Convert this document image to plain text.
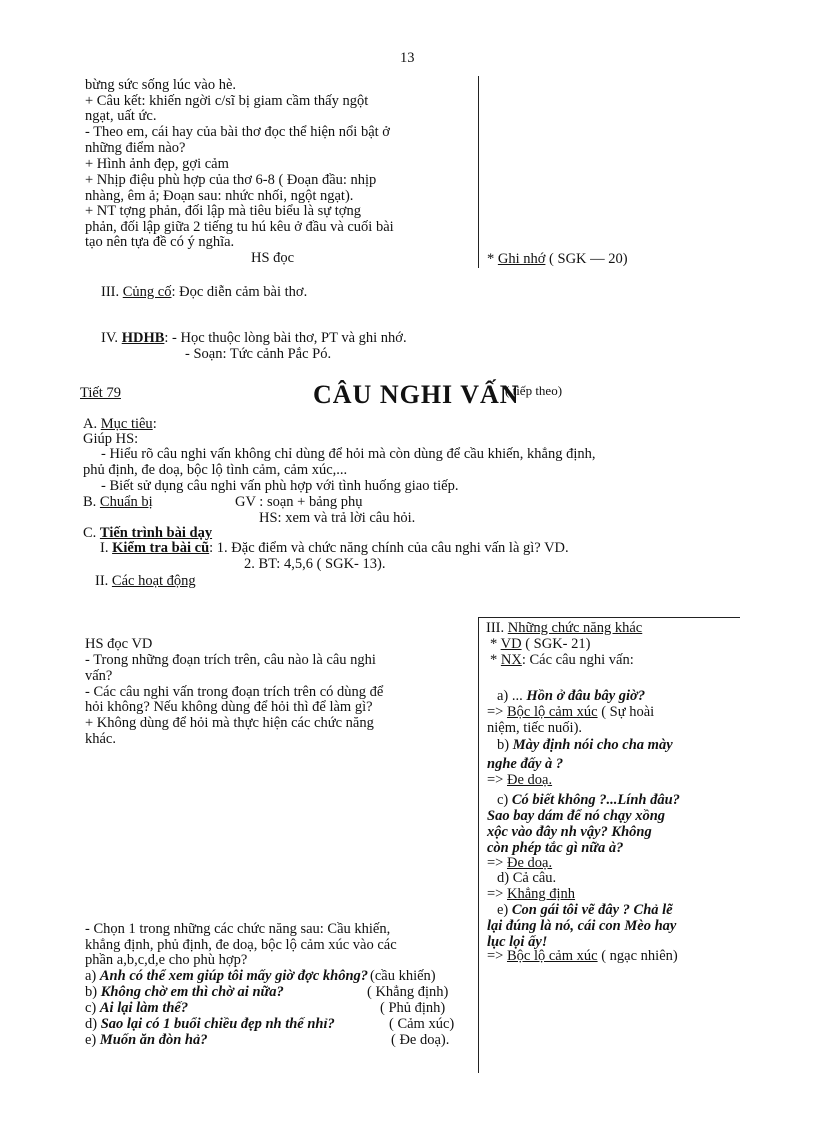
13
bừng sức sống lúc vào hè.
+ Câu kết: khiến ngời c/sĩ bị giam cầm thấy ngột
ngạt, uất ức.
- Theo em, cái hay của bài thơ đọc thể hiện nổi bật ở
những điểm nào?
+ Hình ảnh đẹp, gợi cảm
+ Nhịp điệu phù hợp của thơ 6-8 ( Đoạn đầu: nhịp
nhàng, êm ả; Đoạn sau: nhức nhối, ngột ngạt).
+ NT tợng phản, đối lập mà tiêu biểu là sự tợng
phản, đối lập giữa 2 tiếng tu hú kêu ở đầu và cuối bài
tạo nên tựa đề có ý nghĩa.
HS đọc	* Ghi nhớ ( SGK — 20)
III. Củng cố: Đọc diễn cảm bài thơ.
IV. HDHB: - Học thuộc lòng bài thơ, PT và ghi nhớ.
- Soạn: Tức cảnh Pắc Pó.
Tiết 79	CÂU NGHI VẤN
( tiếp theo)
A. Mục tiêu:
Giúp HS:
- Hiểu rõ câu nghi vấn không chỉ dùng để hỏi mà còn dùng để cầu khiến, khẳng định,
phủ định, đe doạ, bộc lộ tình cảm, cảm xúc,...
- Biết sử dụng câu nghi vấn phù hợp với tình huống giao tiếp.
B. Chuẩn bị	GV : soạn + bảng phụ
HS: xem và trả lời câu hỏi.
C. Tiến trình bài dạy
I. Kiểm tra bài cũ: 1. Đặc điểm và chức năng chính của câu nghi vấn là gì? VD.
2. BT: 4,5,6 ( SGK- 13).
II. Các hoạt động
HS đọc VD
- Trong những đoạn trích trên, câu nào là câu nghi
vấn?
- Các câu nghi vấn trong đoạn trích trên có dùng để
hỏi không? Nếu không dùng để hỏi thì để làm gì?
+ Không dùng để hỏi mà thực hiện các chức năng
khác.
- Chọn 1 trong những các chức năng sau: Cầu khiến,
khẳng định, phủ định, đe doạ, bộc lộ cảm xúc vào các
phần a,b,c,d,e cho phù hợp?
a) Anh có thể xem giúp tôi mấy giờ đợc không? (cầu khiến)
b) Không chờ em thì chờ ai nữa?	( Khẳng định)
c) Ai lại làm thế?	( Phủ định)
d) Sao lại có 1 buổi chiều đẹp nh thế nhỉ?	( Cảm xúc)
e) Muốn ăn đòn hả?	( Đe doạ).
III. Những chức năng khác
* VD ( SGK- 21)
* NX: Các câu nghi vấn:
a) ... Hồn ở đâu bây giờ?
=> Bộc lộ cảm xúc ( Sự hoài
niệm, tiếc nuối).
b) Mày định nói cho cha mày
nghe đấy à ?
=> Đe doạ.
c) Có biết không ?...Lính đâu?
Sao bay dám để nó chạy xồng
xộc vào đây nh vậy? Không
còn phép tắc gì nữa à?
=> Đe doạ.
d) Cả câu.
=> Khẳng định
e) Con gái tôi vẽ đây ? Chả lẽ
lại đúng là nó, cái con Mèo hay
lục lọi ấy!
=> Bộc lộ cảm xúc ( ngạc nhiên)
